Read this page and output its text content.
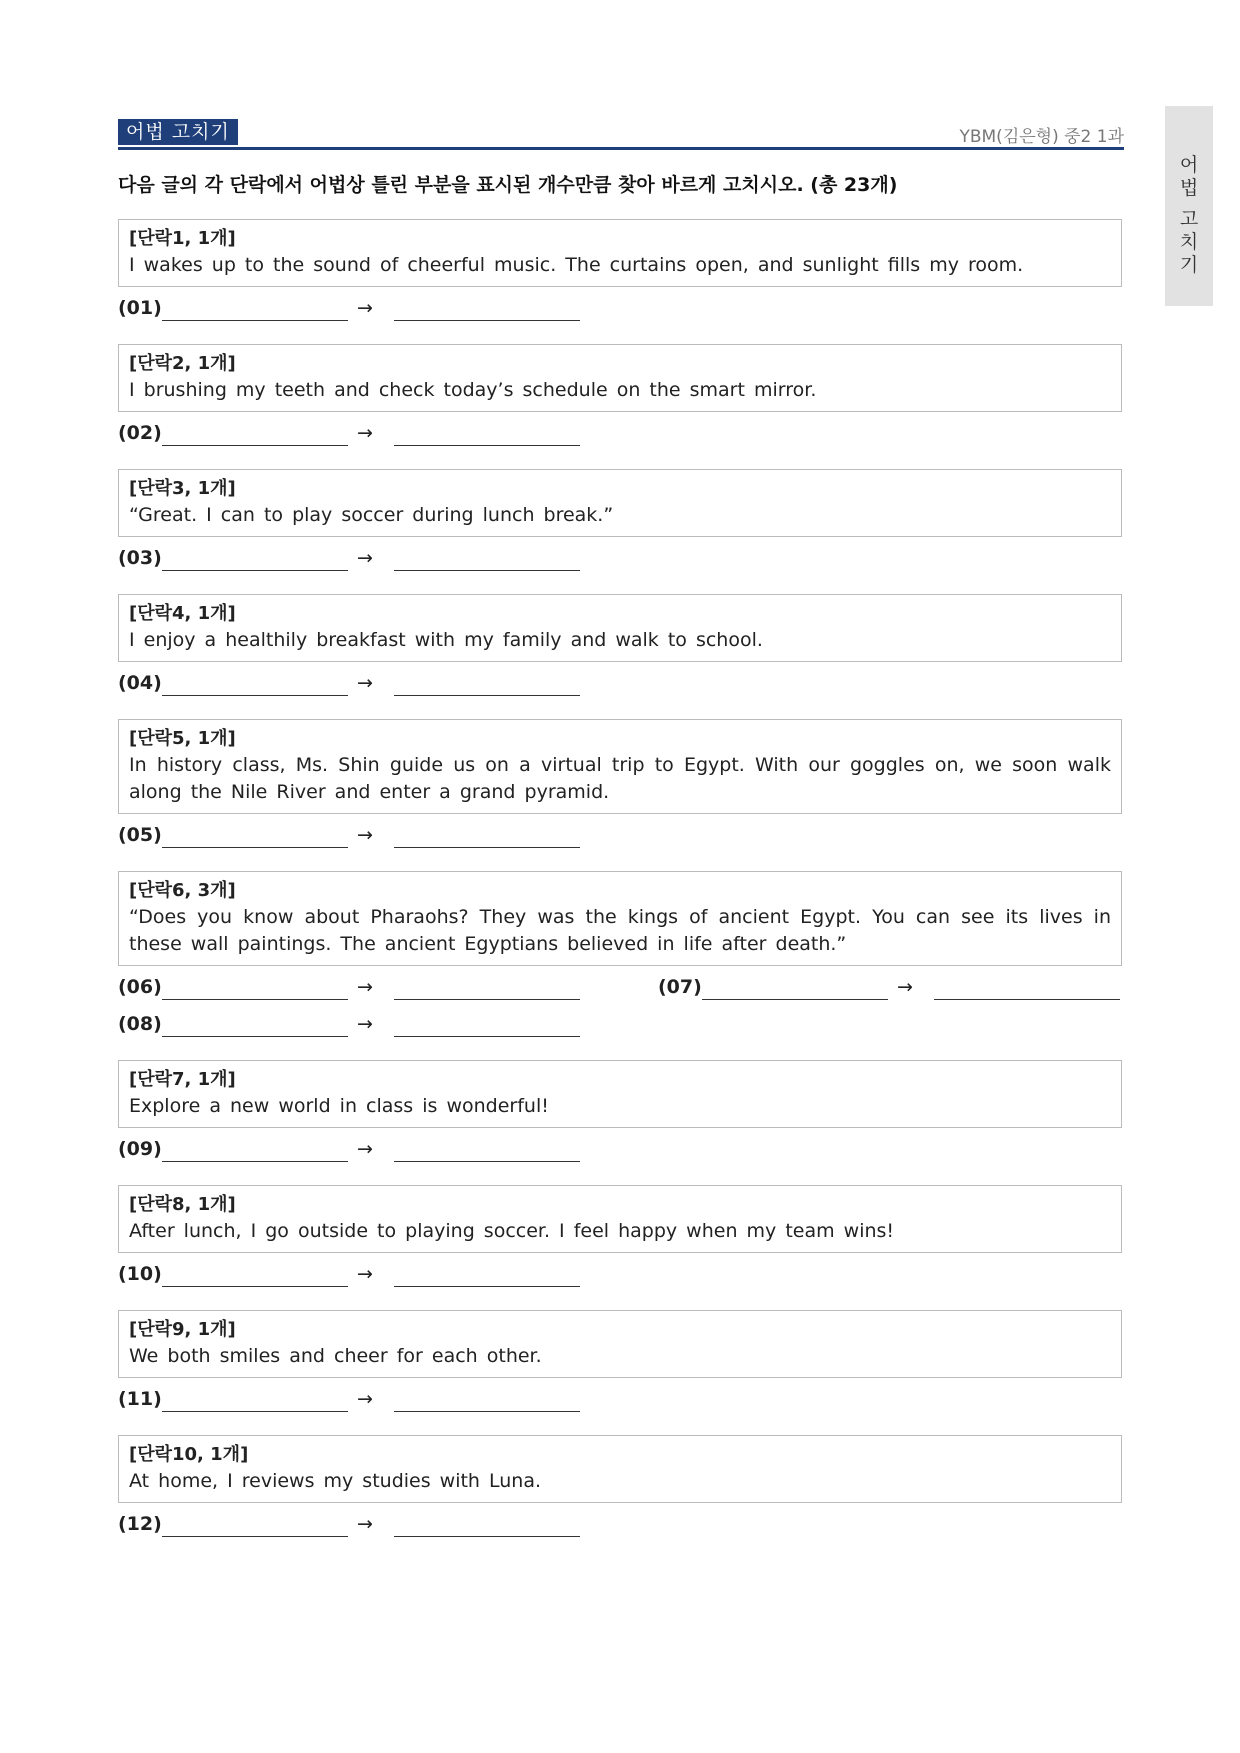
어법 고치기	YBM(김은형) 중2 1과
어
법
고
치
기
다음 글의 각 단락에서 어법상 틀린 부분을 표시된 개수만큼 찾아 바르게 고치시오. (총 23개)
[단락1, 1개]
I wakes up to the sound of cheerful music. The curtains open, and sunlight fills my room.
(01)	→
[단락2, 1개]
I brushing my teeth and check today’s schedule on the smart mirror.
(02)	→
[단락3, 1개]
“Great. I can to play soccer during lunch break.”
(03)	→
[단락4, 1개]
I enjoy a healthily breakfast with my family and walk to school.
(04)	→
[단락5, 1개]
In history class, Ms. Shin guide us on a virtual trip to Egypt. With our goggles on, we soon walk along the Nile River and enter a grand pyramid.
(05)	→
[단락6, 3개]
“Does you know about Pharaohs? They was the kings of ancient Egypt. You can see its lives in these wall paintings. The ancient Egyptians believed in life after death.”
(06)	→	(07)	→
(08)	→
[단락7, 1개]
Explore a new world in class is wonderful!
(09)	→
[단락8, 1개]
After lunch, I go outside to playing soccer. I feel happy when my team wins!
(10)	→
[단락9, 1개]
We both smiles and cheer for each other.
(11)	→
[단락10, 1개]
At home, I reviews my studies with Luna.
(12)	→
